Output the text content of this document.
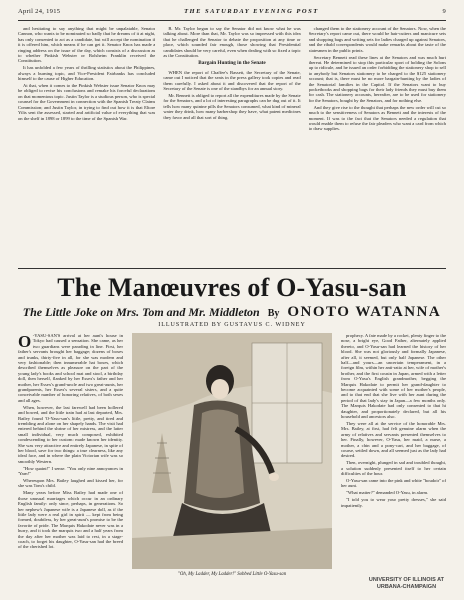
April 24, 1915	THE SATURDAY EVENING POST	9

and hesitating to say anything that might be unpalatable, Senator Cannon, who wants to be nominated so badly that he dreams of it at night, has only consented to act as a candidate, but will accept the nomination if it is offered him, which means if he can get it. Senator Knox has made a ringing address on the issue of the day, which consists of a discussion as to whether Pinkish Webster or Bolsheim Franklin received the Constitution.

It has unfolded a few years of thrilling statistics about the Philippines, always a burning topic, and Vice-President Fairbanks has concluded himself to the cause of Higher Education.

At that, when it comes to the Pinkish Webster issue Senator Knox may be obliged to revise his conclusions and remake his forceful declarations on that momentous topic. Justin Taylor is a studious person, who is special counsel for the Government in connection with the Spanish Treaty Claims Commission; and Justin Taylor, in trying to find out how it is that Eltore Yilts sent the assessed, started and artificial value of everything that was on the shelf in 1898 or 1899 to the time of the Spanish War.

B. Mr. Taylor began to say the Senator did not know what he was talking about. More than that, Mr. Taylor was so impressed with this idea that he challenged the Senator to debate the proposition at any time or place, which sounded fair enough, those showing that Presidential candidates should be very careful, even when dealing with so fixed a topic as the Constitution.

Bargain Hunting in the Senate

WHEN the report of Chaffee's Bassett, the Secretary of the Senate, came out I noticed that the seats in the press gallery took copies and read them carefully. I asked about it and discovered that the report of the Secretary of the Senate is one of the standbys for an annual story.

Mr. Bennett is obliged to report all the expenditures made by the Senate for the Senators, and a lot of interesting paragraphs can be dug out of it. It tells how many quinine pills the Senators consumed, what kind of mineral water they drink, how many barbershop they have, what patent medicines they favor and all that sort of thing.

changed them to the stationery account of the Senators. Now, when the Secretary's report came out, there would be hair-cutters and manicure sets and shopping bags and writing sets for ladies charged up against Senators, and the ribald correspondents would make remarks about the taste of the statesmen in the public prints.

Secretary Bennett read these lines at the Senators and was much hurt thereat. He determined to stop this particular sport of holding the Solons up to ridicule, and he issued an order forbidding the stationery shop to sell to anybody but Senators stationery to be charged to the $125 stationery account; that is, there must be no more bargain-hunting by the ladies of the Senatorial families in the Capitol. If the Senators want to buy pocketbooks and shopping bags for their lady friends they must buy them for cash. The stationery accounts, hereafter, are to be used for stationery for the Senators, bought by the Senators, and for nothing else.

And they give rise to the thought that perhaps the new order will cut so much to the sensitiveness of Senators as Bennett and the interests of the moment. If was to the fact that the Senators needed a regulation that would enable them to refuse the fair pleaders who want a card from which to draw supplies.

The Manœuvres of O-Yasu-san
The Little Joke on Mrs. Tom and Mr. Middleton By ONOTO WATANNA
ILLUSTRATED BY GUSTAVUS C. WIDNEY

O -YASU-SAN'S arrival at her aunt's house in Tokyo had caused a sensation. She came, as her two guardians were parading in line. First, her father's servants brought her baggage; dozens of boxes and trunks, thirty-five in all, for she was modern and very fashionable; then innumerable hat boxes, which described themselves as pleasure on the part of the young lady's books and school mat and stool, a birthday doll, then herself, flanked by her Essex's father and her mother, her Essex's grand-uncle and two great-aunts, her grandparents, her Essex's several sisters, and a quite conceivable number of honoring relatives, of both sexes and all ages.

When, however, the last farewell had been hollered and bowed, and the little train had at last departed, Mrs. Bailey found 'O-Yasu-san's little, pretty, and tired and trembling and alone on her shapely hands. The visit had entered behind the shrine of her mistress, and the latter small individual, very much composed, exhibited condescending to her custom: made known her identity. She was very attractive and entirely Japanese, in spite of her blood, save for two things: a true clearness, like any ideal face, and in where the plain Victorian wife was so smoothly Western.

"How quaint!" I sense. "You only nine annoyances in 'Yarn!"

Whereupon Mrs. Bailey laughed and kissed her, for she was Tom's child.

Many years before Miss Bailey had made one of those unusual marriages which occur in an ordinary English family: only since, perhaps, in generations. So her nephew's Japanese wife is a Japanese doll, as if the little lady were a real girl in spirit — kept from being formed, doubtless, by her great-aunt's promise to be the favorite of pride. The Marquis Hakodate never was in a hurry, and it took the marquis two and a half years from the day after her mother was laid to rest, in a stage-coach, to forget his daughter, O-Yasu-san had the breed of the cherished lot.

"Oh, My Ladder, My Ladder!" Sobbed Little O-Yasu-san

prophecy. A fate made by a rocket, plenty finger to the nose, a bright eye, Good Father, alternately applied thereto, and O-Yasu-san had learned the history of her blood. She was not gloriously and formally Japanese, after all, it seemed, but only half Japanese. The other half—and yours—an uncertain temperament, in a foreign film, within her anti-ratio at her, wife of mother's brother, and the first cousin in Japan, armed with a letter from O-Yasu's English grandmother, begging the Marquis Hakodate to permit her grand-daughter to become acquainted with some of her mother's people, and to that end that she live with her aunt during the period of that lady's stay in Japan—a few months only. The Marquis Hakodate had only consented to that hi daughter, and proportionately declared, but all his household and ancestors also.

They were all at the service of the honorable Mrs. Mrs. Bailey, at first, had felt genuine alarm when the army of relatives and servants presented themselves to her. Finally, however, O-Yasu, her maid, a nurse, a mother, a chin and a pony-cart, and her baggage, of course, settled down, and all seemed just as the lady had desired.

Then, overnight, plunged in sad and troubled thought, a solution suddenly presented itself to her certain difficulties of the hour.

O-Yasu-san came into the pink and white "boudoir" of her aunt.

"What matter?" demanded O-Yasu, in alarm.

"I told you to wear your pretty dresses," she said impatiently.

UNIVERSITY OF ILLINOIS AT
URBANA-CHAMPAIGN
